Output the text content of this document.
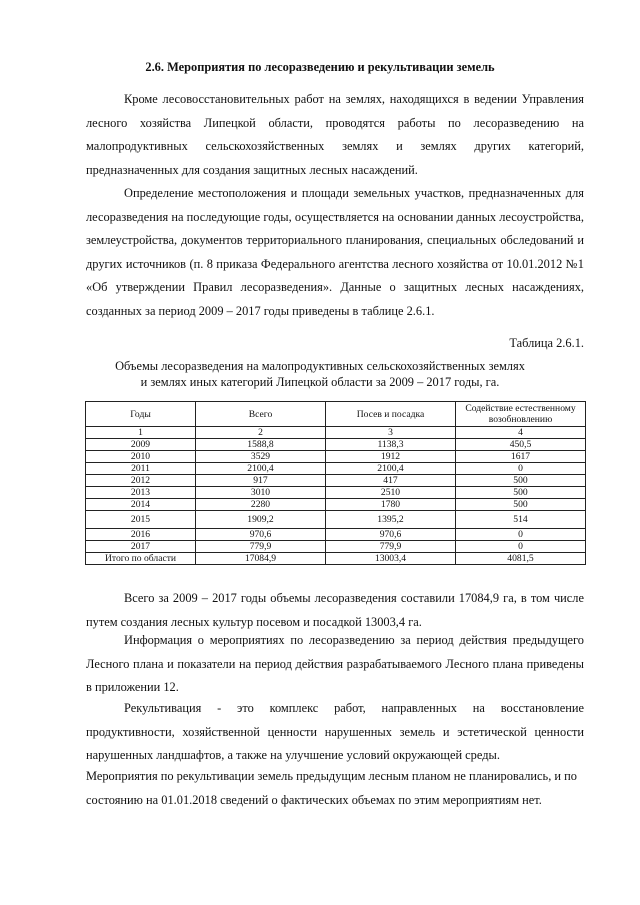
2.6. Мероприятия по лесоразведению и рекультивации земель

Кроме лесовосстановительных работ на землях, находящихся в ведении Управления лесного хозяйства Липецкой области, проводятся работы по лесоразведению на малопродуктивных сельскохозяйственных землях и землях других категорий, предназначенных для создания защитных лесных насаждений.

Определение местоположения и площади земельных участков, предназначенных для лесоразведения на последующие годы, осуществляется на основании данных лесоустройства, землеустройства, документов территориального планирования, специальных обследований и других источников (п. 8 приказа Федерального агентства лесного хозяйства от 10.01.2012 №1 «Об утверждении Правил лесоразведения». Данные о защитных лесных насаждениях, созданных за период 2009 – 2017 годы приведены в таблице 2.6.1.

Таблица 2.6.1.
Объемы лесоразведения на малопродуктивных сельскохозяйственных землях
и землях иных категорий Липецкой области за 2009 – 2017 годы, га.
Годы	Всего	Посев и посадка	Содействие естественному возобновлению
1	2	3	4
2009	1588,8	1138,3	450,5
2010	3529	1912	1617
2011	2100,4	2100,4	0
2012	917	417	500
2013	3010	2510	500
2014	2280	1780	500
2015	1909,2	1395,2	514
2016	970,6	970,6	0
2017	779,9	779,9	0
Итого по области	17084,9	13003,4	4081,5

Всего за 2009 – 2017 годы объемы лесоразведения составили 17084,9 га, в том числе путем создания лесных культур посевом и посадкой 13003,4 га.

Информация о мероприятиях по лесоразведению за период действия предыдущего Лесного плана и показатели на период действия разрабатываемого Лесного плана приведены в приложении 12.

Рекультивация - это комплекс работ, направленных на восстановление продуктивности, хозяйственной ценности нарушенных земель и эстетической ценности нарушенных ландшафтов, а также на улучшение условий окружающей среды.

Мероприятия по рекультивации земель предыдущим лесным планом не планировались, и по состоянию на 01.01.2018 сведений о фактических объемах по этим мероприятиям нет.
